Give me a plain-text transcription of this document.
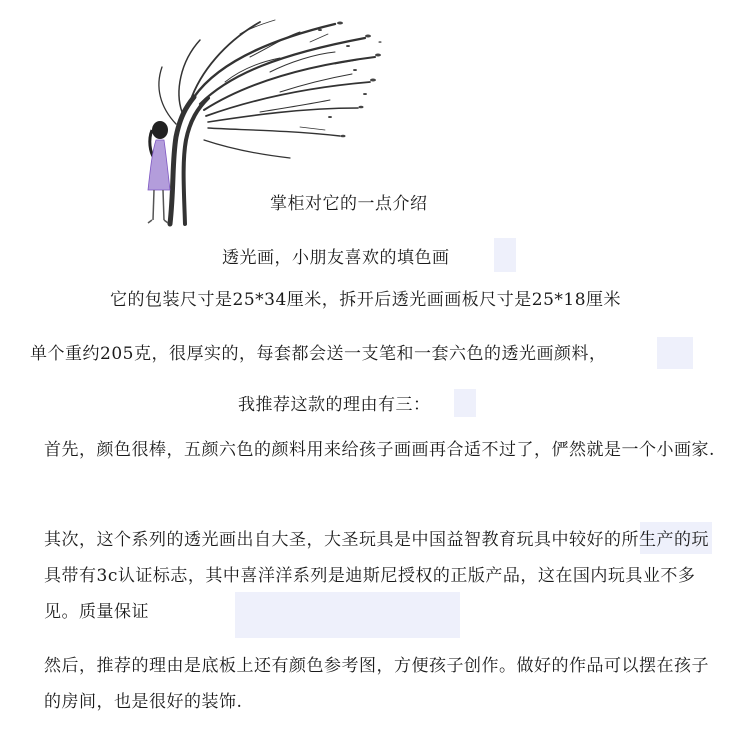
掌柜对它的一点介绍
透光画，小朋友喜欢的填色画
它的包装尺寸是25*34厘米，拆开后透光画画板尺寸是25*18厘米
单个重约205克，很厚实的，每套都会送一支笔和一套六色的透光画颜料，
我推荐这款的理由有三：
首先，颜色很棒，五颜六色的颜料用来给孩子画画再合适不过了，俨然就是一个小画家.
其次，这个系列的透光画出自大圣，大圣玩具是中国益智教育玩具中较好的所生产的玩具带有3c认证标志，其中喜洋洋系列是迪斯尼授权的正版产品，这在国内玩具业不多见。质量保证
然后，推荐的理由是底板上还有颜色参考图，方便孩子创作。做好的作品可以摆在孩子的房间，也是很好的装饰.
